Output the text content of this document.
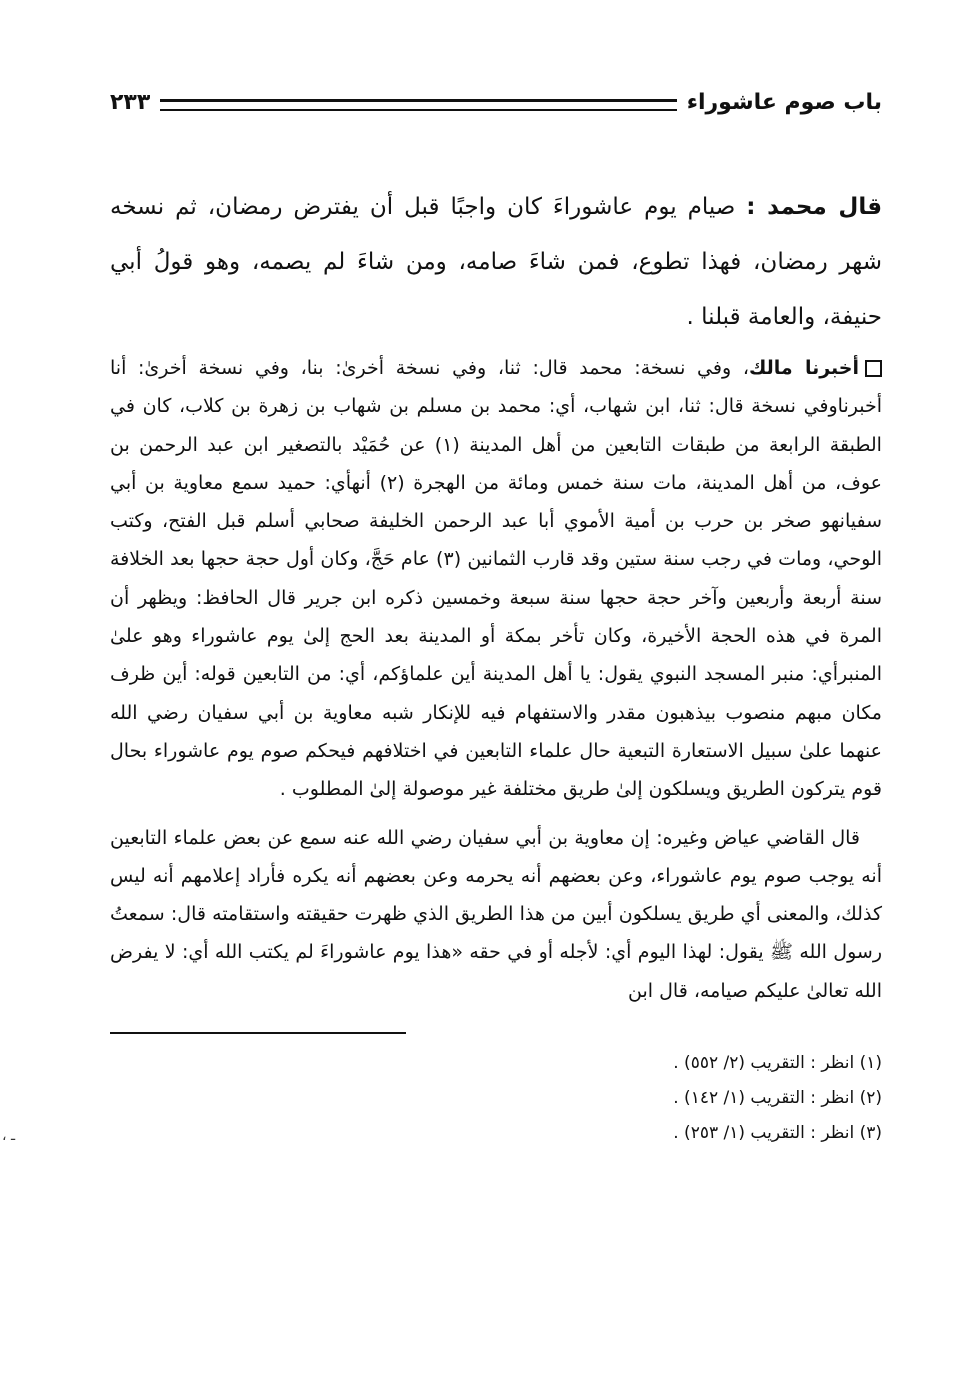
باب صوم عاشوراء
٢٣٣

قال محمد : صيام يوم عاشوراءَ كان واجبًا قبل أن يفترض رمضان، ثم نسخه شهر رمضان، فهذا تطوع، فمن شاءَ صامه، ومن شاءَ لم يصمه، وهو قولُ أبي حنيفة، والعامة قبلنا .

أخبرنا مالك، وفي نسخة: محمد قال: ثنا، وفي نسخة أخرىٰ: بنا، وفي نسخة أخرىٰ: أنا أخبرناوفي نسخة قال: ثنا، ابن شهاب، أي: محمد بن مسلم بن شهاب بن زهرة بن كلاب، كان في الطبقة الرابعة من طبقات التابعين من أهل المدينة (١) عن حُمَيْد بالتصغير ابن عبد الرحمن بن عوف، من أهل المدينة، مات سنة خمس ومائة من الهجرة (٢) أنهأي: حميد سمع معاوية بن أبي سفيانهو صخر بن حرب بن أمية الأموي أبا عبد الرحمن الخليفة صحابي أسلم قبل الفتح، وكتب الوحي، ومات في رجب سنة ستين وقد قارب الثمانين (٣) عام حَجَّ، وكان أول حجة حجها بعد الخلافة سنة أربعة وأربعين وآخر حجة حجها سنة سبعة وخمسين ذكره ابن جرير قال الحافظ: ويظهر أن المرة في هذه الحجة الأخيرة، وكان تأخر بمكة أو المدينة بعد الحج إلىٰ يوم عاشوراء وهو علىٰ المنبرأي: منبر المسجد النبوي يقول: يا أهل المدينة أين علماؤكم، أي: من التابعين قوله: أين ظرف مكان مبهم منصوب بيذهبون مقدر والاستفهام فيه للإنكار شبه معاوية بن أبي سفيان رضي الله عنهما علىٰ سبيل الاستعارة التبعية حال علماء التابعين في اختلافهم فيحكم صوم يوم عاشوراء بحال قوم يتركون الطريق ويسلكون إلىٰ طريق مختلفة غير موصولة إلىٰ المطلوب .

قال القاضي عياض وغيره: إن معاوية بن أبي سفيان رضي الله عنه سمع عن بعض علماء التابعين أنه يوجب صوم يوم عاشوراء، وعن بعضهم أنه يحرمه وعن بعضهم أنه يكره فأراد إعلامهم أنه ليس كذلك، والمعنى أي طريق يسلكون أبين من هذا الطريق الذي ظهرت حقيقته واستقامته قال: سمعتُ رسول الله ﷺ يقول: لهذا اليوم أي: لأجله أو في حقه «هذا يوم عاشوراءَ لم يكتب الله أي: لا يفرض الله تعالىٰ عليكم صيامه، قال ابن

(١) انظر : التقريب (٢/ ٥٥٢) .
(٢) انظر : التقريب (١/ ١٤٢) .
(٣) انظر : التقريب (١/ ٢٥٣) .
، ـ
